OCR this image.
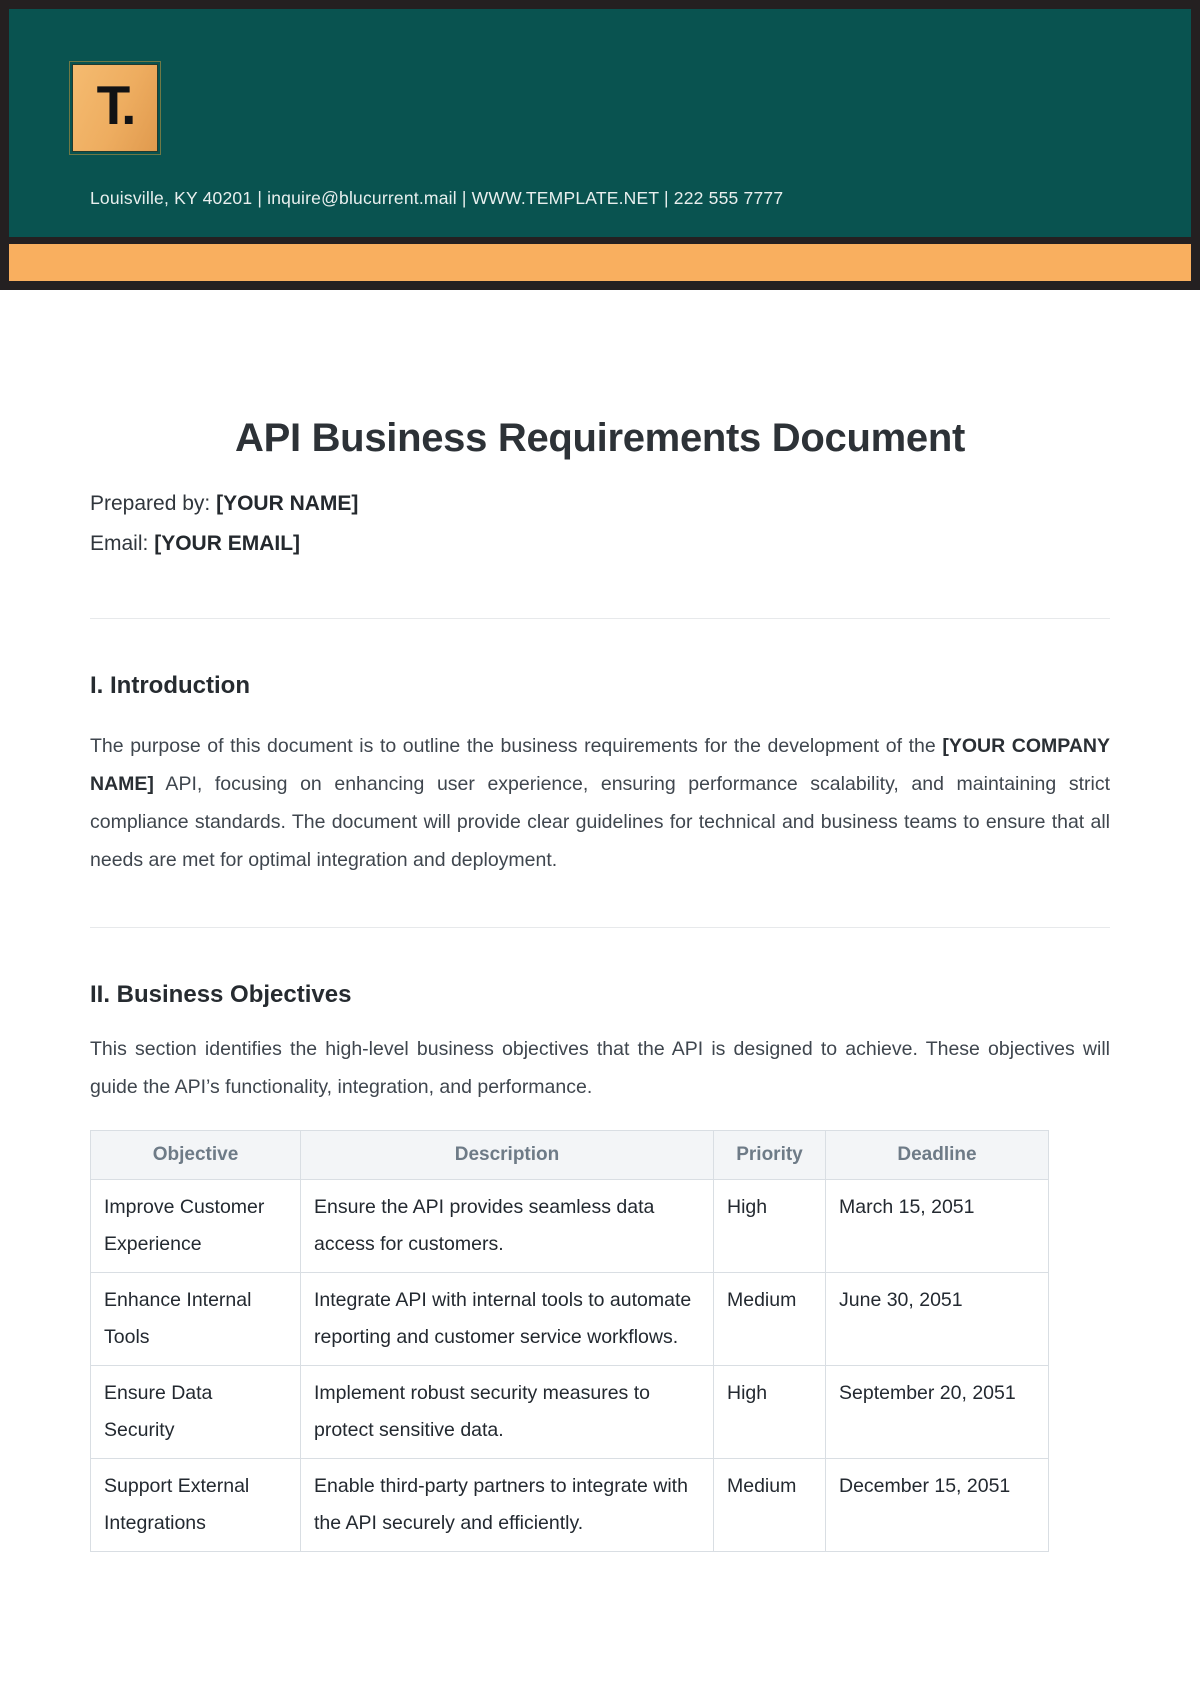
T.
Louisville, KY 40201 | inquire@blucurrent.mail | WWW.TEMPLATE.NET | 222 555 7777
API Business Requirements Document
Prepared by: [YOUR NAME]
Email: [YOUR EMAIL]
I. Introduction

The purpose of this document is to outline the business requirements for the development of the [YOUR COMPANY NAME] API, focusing on enhancing user experience, ensuring performance scalability, and maintaining strict compliance standards. The document will provide clear guidelines for technical and business teams to ensure that all needs are met for optimal integration and deployment.

II. Business Objectives

This section identifies the high-level business objectives that the API is designed to achieve. These objectives will guide the API’s functionality, integration, and performance.

Objective	Description	Priority	Deadline
Improve Customer Experience	Ensure the API provides seamless data access for customers.	High	March 15, 2051
Enhance Internal Tools	Integrate API with internal tools to automate reporting and customer service workflows.	Medium	June 30, 2051
Ensure Data Security	Implement robust security measures to protect sensitive data.	High	September 20, 2051
Support External Integrations	Enable third-party partners to integrate with the API securely and efficiently.	Medium	December 15, 2051
